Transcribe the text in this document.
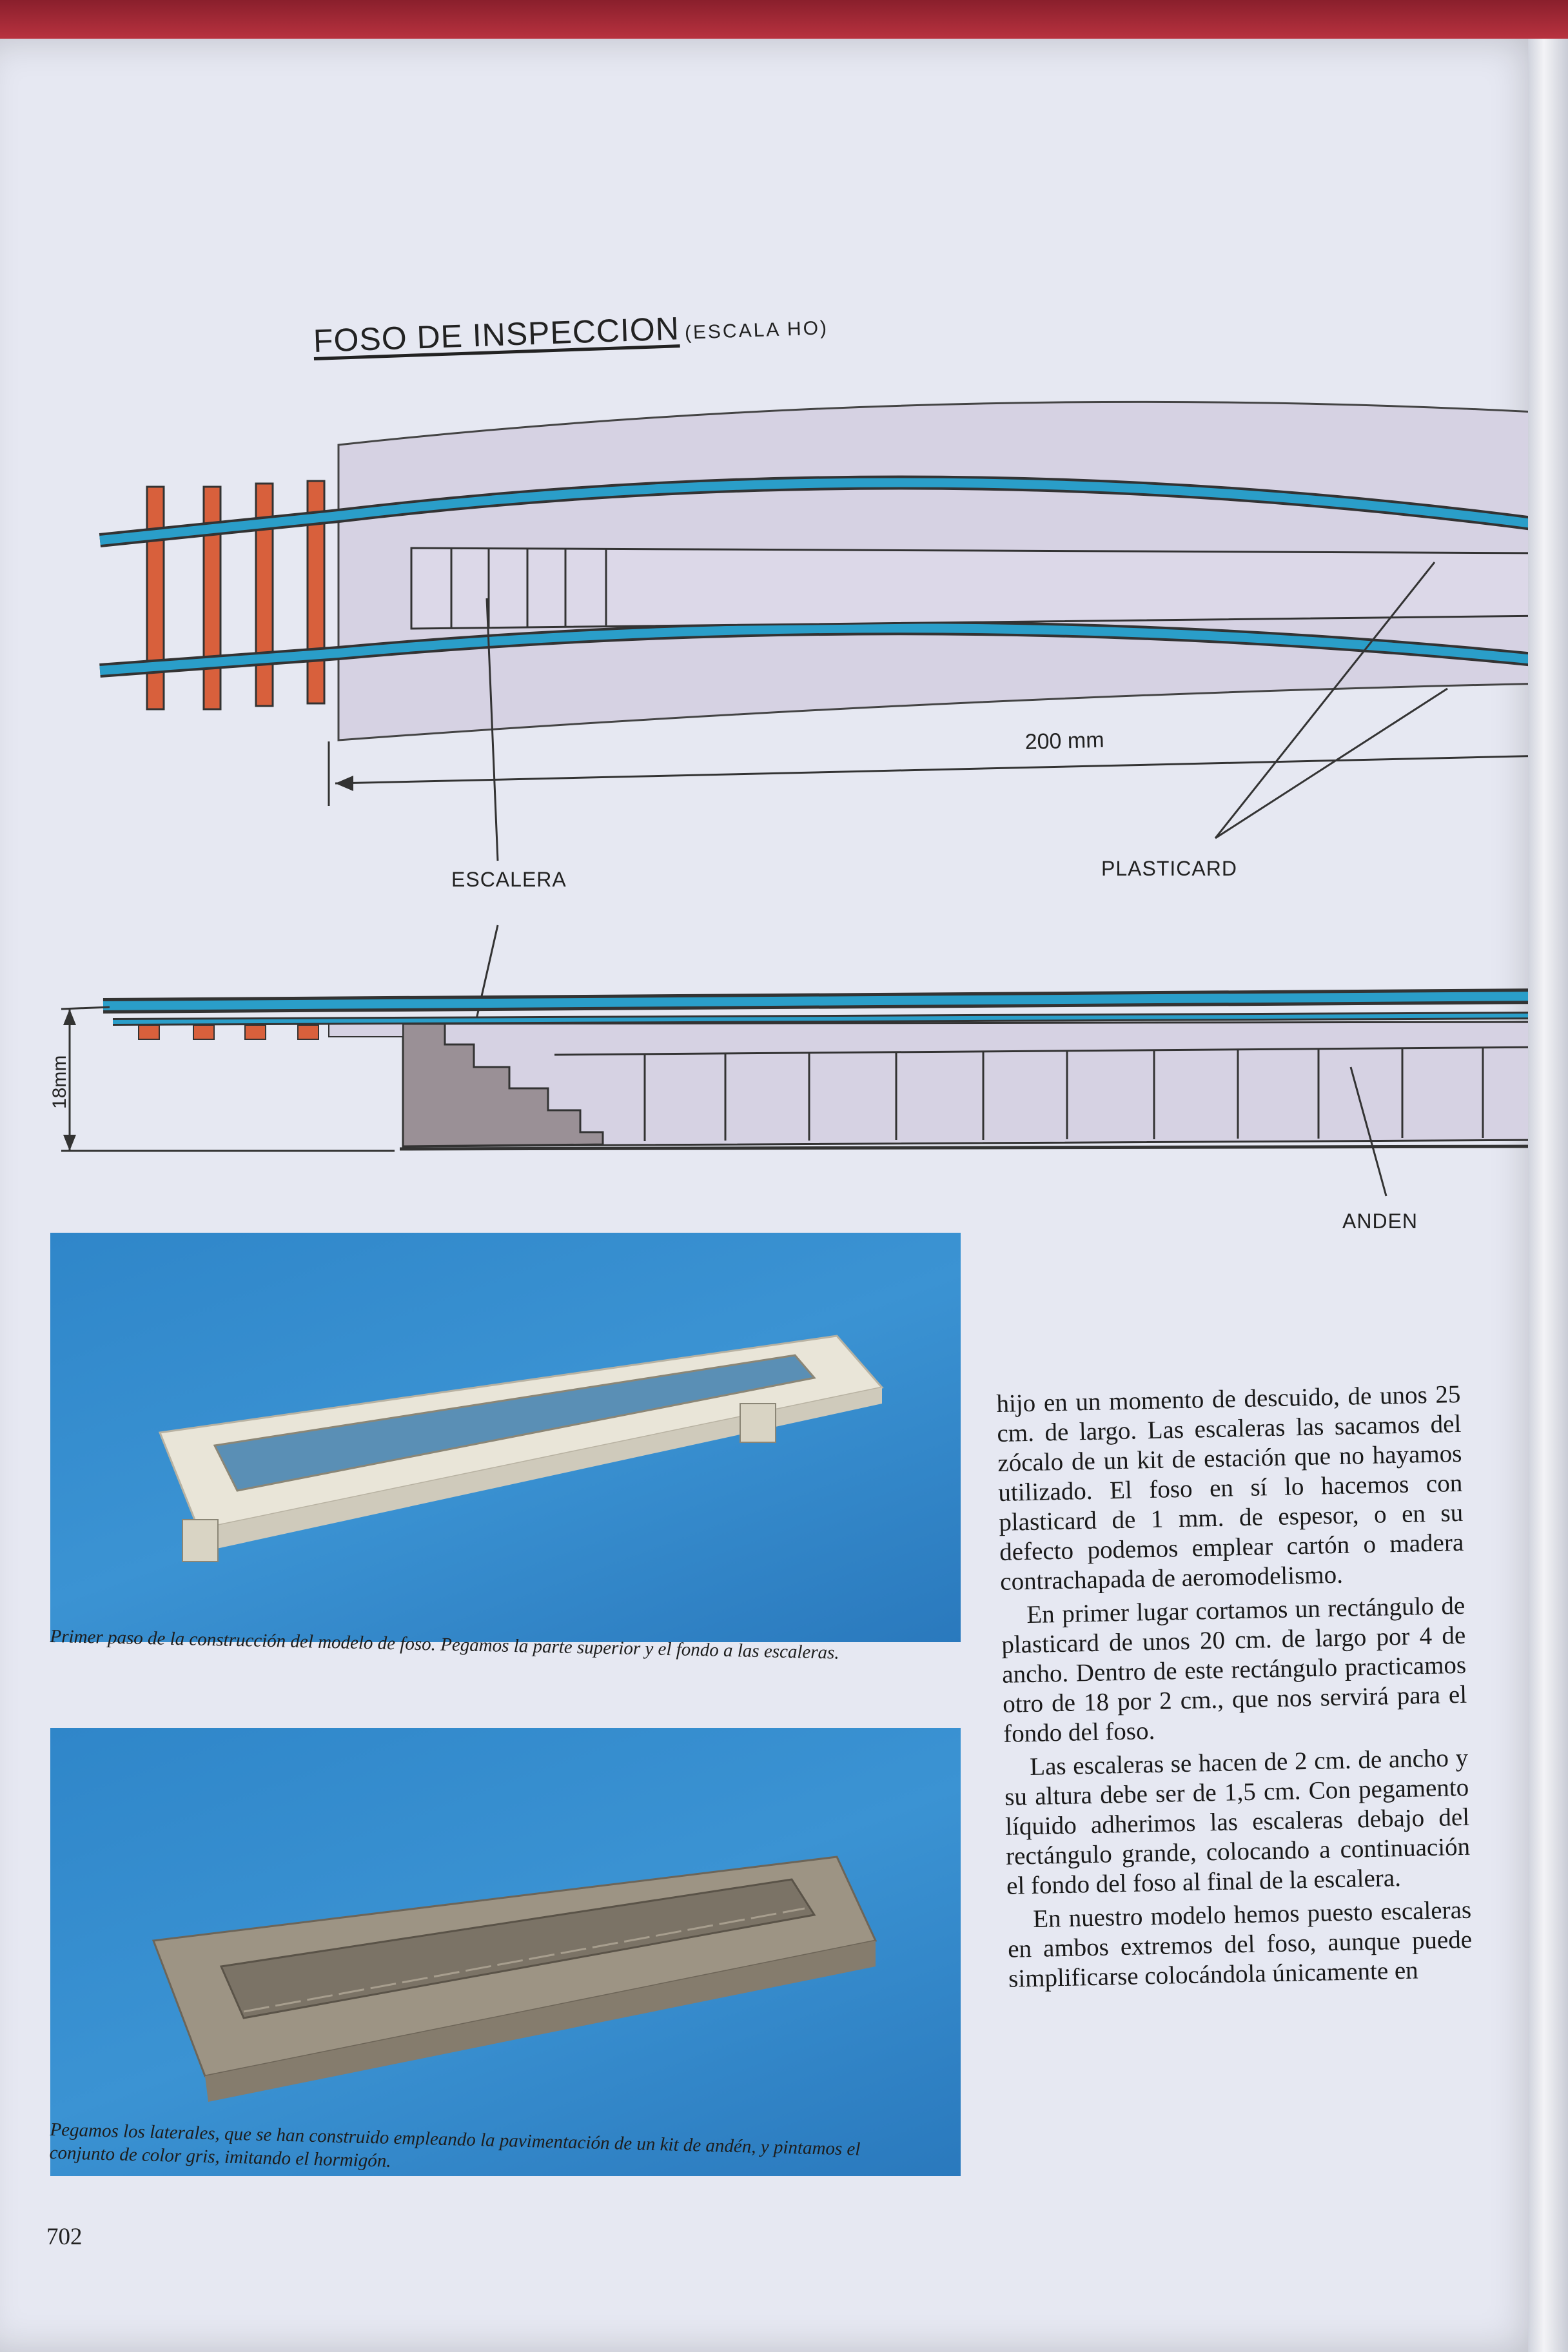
FOSO DE INSPECCION (ESCALA HO)
200 mm
PLASTICARD
ESCALERA
18mm
ANDEN
Primer paso de la construcción del modelo de foso. Pegamos la parte superior y el fondo a las escaleras.
Pegamos los laterales, que se han construido empleando la pavimentación de un kit de andén, y pintamos el conjunto de color gris, imitando el hormigón.

hijo en un momento de descuido, de unos 25 cm. de largo. Las escaleras las sacamos del zócalo de un kit de estación que no hayamos utilizado. El foso en sí lo hacemos con plasticard de 1 mm. de espesor, o en su defecto podemos emplear cartón o madera contrachapada de aeromodelismo.

En primer lugar cortamos un rectángulo de plasticard de unos 20 cm. de largo por 4 de ancho. Dentro de este rectángulo practicamos otro de 18 por 2 cm., que nos servirá para el fondo del foso.

Las escaleras se hacen de 2 cm. de ancho y su altura debe ser de 1,5 cm. Con pegamento líquido adherimos las escaleras debajo del rectángulo grande, colocando a continuación el fondo del foso al final de la escalera.

En nuestro modelo hemos puesto escaleras en ambos extremos del foso, aunque puede simplificarse colocándola únicamente en

702
